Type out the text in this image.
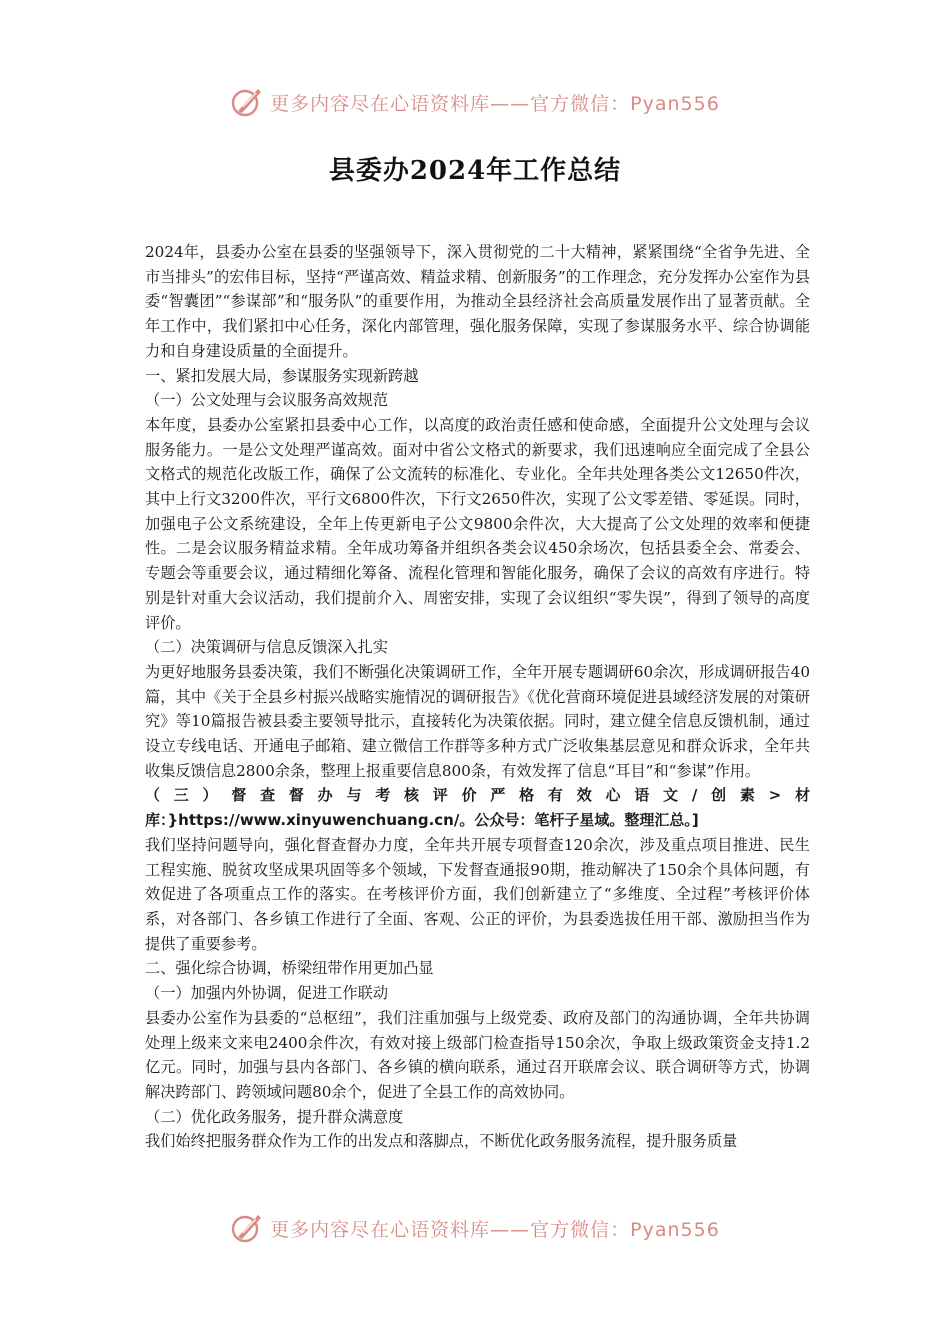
更多内容尽在心语资料库——官方微信：Pyan556
县委办2024年工作总结

2024年，县委办公室在县委的坚强领导下，深入贯彻党的二十大精神，紧紧围绕“全省争先进、全市当排头”的宏伟目标，坚持“严谨高效、精益求精、创新服务”的工作理念，充分发挥办公室作为县委“智囊团”“参谋部”和“服务队”的重要作用，为推动全县经济社会高质量发展作出了显著贡献。全年工作中，我们紧扣中心任务，深化内部管理，强化服务保障，实现了参谋服务水平、综合协调能力和自身建设质量的全面提升。

一、紧扣发展大局，参谋服务实现新跨越

（一）公文处理与会议服务高效规范

本年度，县委办公室紧扣县委中心工作，以高度的政治责任感和使命感，全面提升公文处理与会议服务能力。一是公文处理严谨高效。面对中省公文格式的新要求，我们迅速响应全面完成了全县公文格式的规范化改版工作，确保了公文流转的标准化、专业化。全年共处理各类公文12650件次，其中上行文3200件次，平行文6800件次，下行文2650件次，实现了公文零差错、零延误。同时，加强电子公文系统建设，全年上传更新电子公文9800余件次，大大提高了公文处理的效率和便捷性。二是会议服务精益求精。全年成功筹备并组织各类会议450余场次，包括县委全会、常委会、专题会等重要会议，通过精细化筹备、流程化管理和智能化服务，确保了会议的高效有序进行。特别是针对重大会议活动，我们提前介入、周密安排，实现了会议组织“零失误”，得到了领导的高度评价。

（二）决策调研与信息反馈深入扎实

为更好地服务县委决策，我们不断强化决策调研工作，全年开展专题调研60余次，形成调研报告40篇，其中《关于全县乡村振兴战略实施情况的调研报告》《优化营商环境促进县域经济发展的对策研究》等10篇报告被县委主要领导批示，直接转化为决策依据。同时，建立健全信息反馈机制，通过设立专线电话、开通电子邮箱、建立微信工作群等多种方式广泛收集基层意见和群众诉求，全年共收集反馈信息2800余条，整理上报重要信息800条，有效发挥了信息“耳目”和“参谋”作用。

（三）督查督办与考核评价严格有效心语文/创素>材库：}https://www.xinyuwenchuang.cn/。公众号：笔杆子星域。整理汇总。]

我们坚持问题导向，强化督查督办力度，全年共开展专项督查120余次，涉及重点项目推进、民生工程实施、脱贫攻坚成果巩固等多个领域，下发督查通报90期，推动解决了150余个具体问题，有效促进了各项重点工作的落实。在考核评价方面，我们创新建立了“多维度、全过程”考核评价体系，对各部门、各乡镇工作进行了全面、客观、公正的评价，为县委选拔任用干部、激励担当作为提供了重要参考。

二、强化综合协调，桥梁纽带作用更加凸显

（一）加强内外协调，促进工作联动

县委办公室作为县委的“总枢纽”，我们注重加强与上级党委、政府及部门的沟通协调，全年共协调处理上级来文来电2400余件次，有效对接上级部门检查指导150余次，争取上级政策资金支持1.2亿元。同时，加强与县内各部门、各乡镇的横向联系，通过召开联席会议、联合调研等方式，协调解决跨部门、跨领域问题80余个，促进了全县工作的高效协同。

（二）优化政务服务，提升群众满意度

我们始终把服务群众作为工作的出发点和落脚点，不断优化政务服务流程，提升服务质量

更多内容尽在心语资料库——官方微信：Pyan556
